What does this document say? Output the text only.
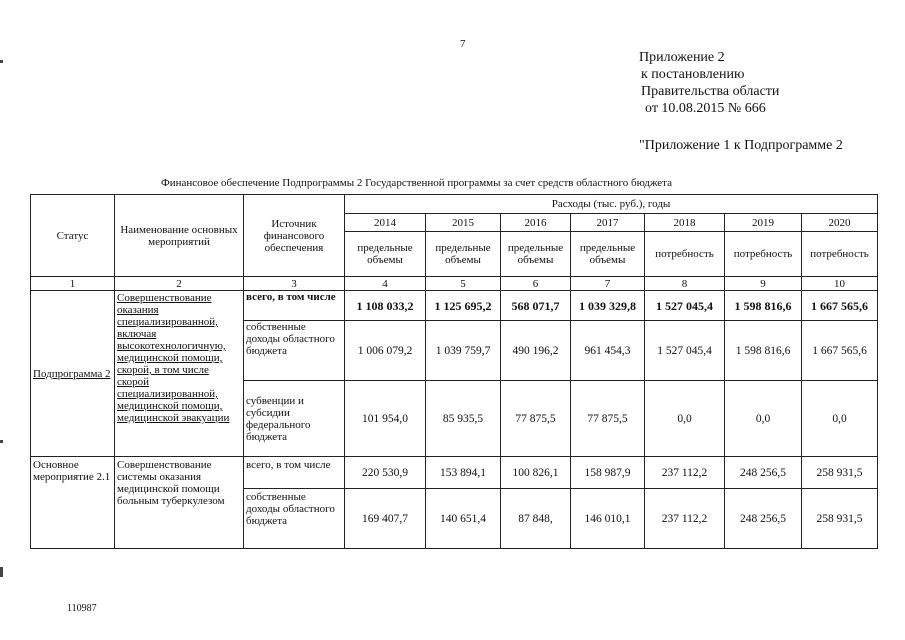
7
Приложение 2
к постановлению
Правительства области
от 10.08.2015 № 666
"Приложение 1 к Подпрограмме 2
Финансовое обеспечение Подпрограммы 2 Государственной программы за счет средств областного бюджета
Статус	Наименование основных мероприятий	Источник финансового обеспечения	Расходы (тыс. руб.), годы						
			2014	2015	2016	2017	2018	2019	2020
			предельные объемы	предельные объемы	предельные объемы	предельные объемы	потребность	потребность	потребность
1	2	3	4	5	6	7	8	9	10
Подпрограмма 2	Совершенствование оказания специализированной, включая высокотехнологичную, медицинской помощи, скорой, в том числе скорой специализированной, медицинской помощи, медицинской эвакуации	всего, в том числе	1 108 033,2	1 125 695,2	568 071,7	1 039 329,8	1 527 045,4	1 598 816,6	1 667 565,6
		собственные доходы областного бюджета	1 006 079,2	1 039 759,7	490 196,2	961 454,3	1 527 045,4	1 598 816,6	1 667 565,6
		субвенции и субсидии федерального бюджета	101 954,0	85 935,5	77 875,5	77 875,5	0,0	0,0	0,0
Основное мероприятие 2.1	Совершенствование системы оказания медицинской помощи больным туберкулезом	всего, в том числе	220 530,9	153 894,1	100 826,1	158 987,9	237 112,2	248 256,5	258 931,5
		собственные доходы областного бюджета	169 407,7	140 651,4	87 848,	146 010,1	237 112,2	248 256,5	258 931,5
110987
